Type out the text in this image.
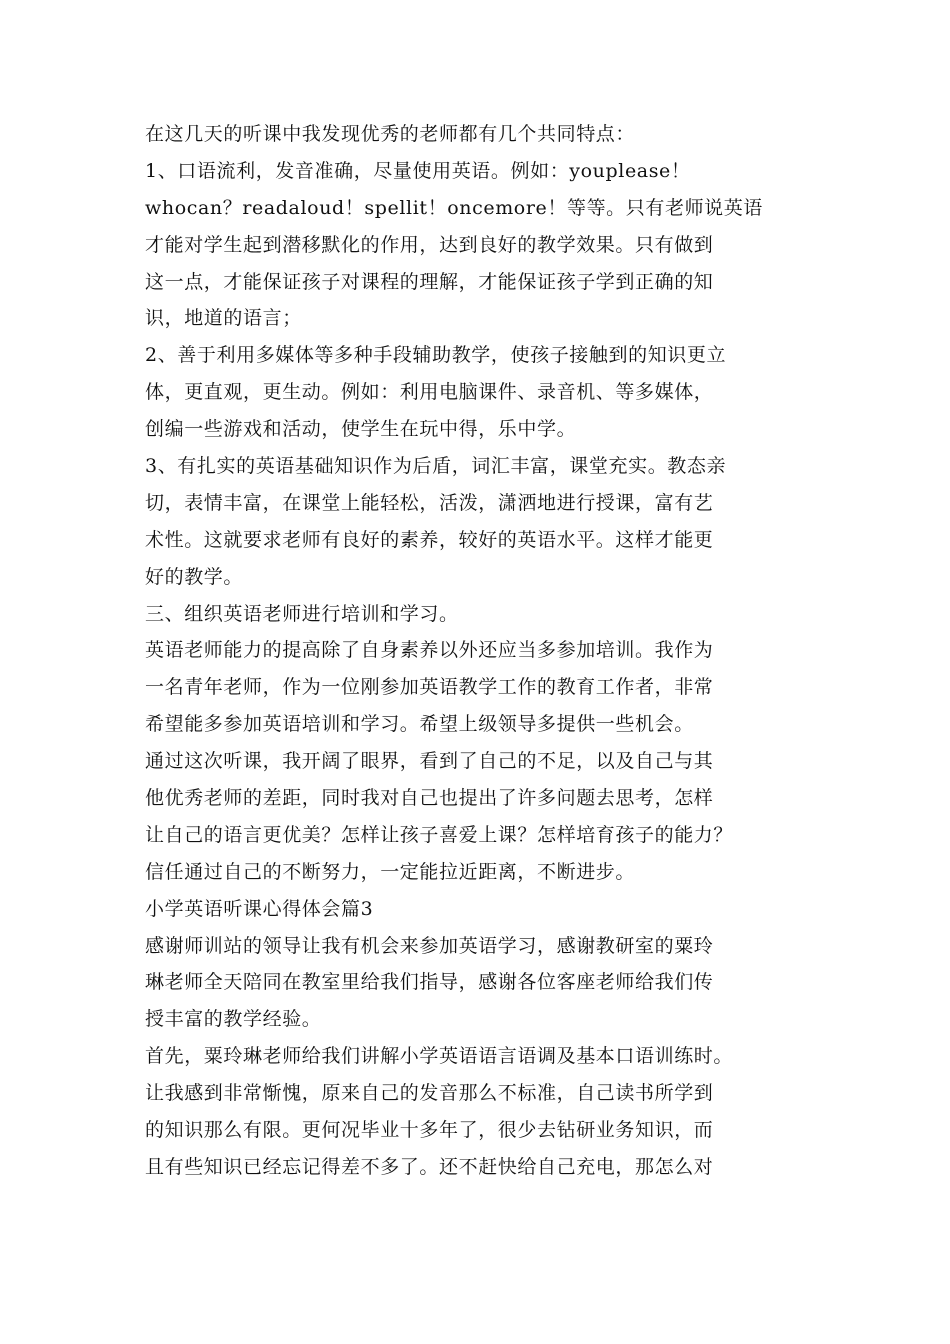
在这几天的听课中我发现优秀的老师都有几个共同特点：
1、口语流利，发音准确，尽量使用英语。例如：youplease！
whocan？readaloud！spellit！oncemore！等等。只有老师说英语
才能对学生起到潜移默化的作用，达到良好的教学效果。只有做到
这一点，才能保证孩子对课程的理解，才能保证孩子学到正确的知
识，地道的语言；
2、善于利用多媒体等多种手段辅助教学，使孩子接触到的知识更立
体，更直观，更生动。例如：利用电脑课件、录音机、等多媒体，
创编一些游戏和活动，使学生在玩中得，乐中学。
3、有扎实的英语基础知识作为后盾，词汇丰富，课堂充实。教态亲
切，表情丰富，在课堂上能轻松，活泼，潇洒地进行授课，富有艺
术性。这就要求老师有良好的素养，较好的英语水平。这样才能更
好的教学。
三、组织英语老师进行培训和学习。
英语老师能力的提高除了自身素养以外还应当多参加培训。我作为
一名青年老师，作为一位刚参加英语教学工作的教育工作者，非常
希望能多参加英语培训和学习。希望上级领导多提供一些机会。
通过这次听课，我开阔了眼界，看到了自己的不足，以及自己与其
他优秀老师的差距，同时我对自己也提出了许多问题去思考，怎样
让自己的语言更优美？怎样让孩子喜爱上课？怎样培育孩子的能力？
信任通过自己的不断努力，一定能拉近距离，不断进步。
小学英语听课心得体会篇3
感谢师训站的领导让我有机会来参加英语学习，感谢教研室的粟玲
琳老师全天陪同在教室里给我们指导，感谢各位客座老师给我们传
授丰富的教学经验。
首先，粟玲琳老师给我们讲解小学英语语言语调及基本口语训练时。
让我感到非常惭愧，原来自己的发音那么不标准，自己读书所学到
的知识那么有限。更何况毕业十多年了，很少去钻研业务知识，而
且有些知识已经忘记得差不多了。还不赶快给自己充电，那怎么对
